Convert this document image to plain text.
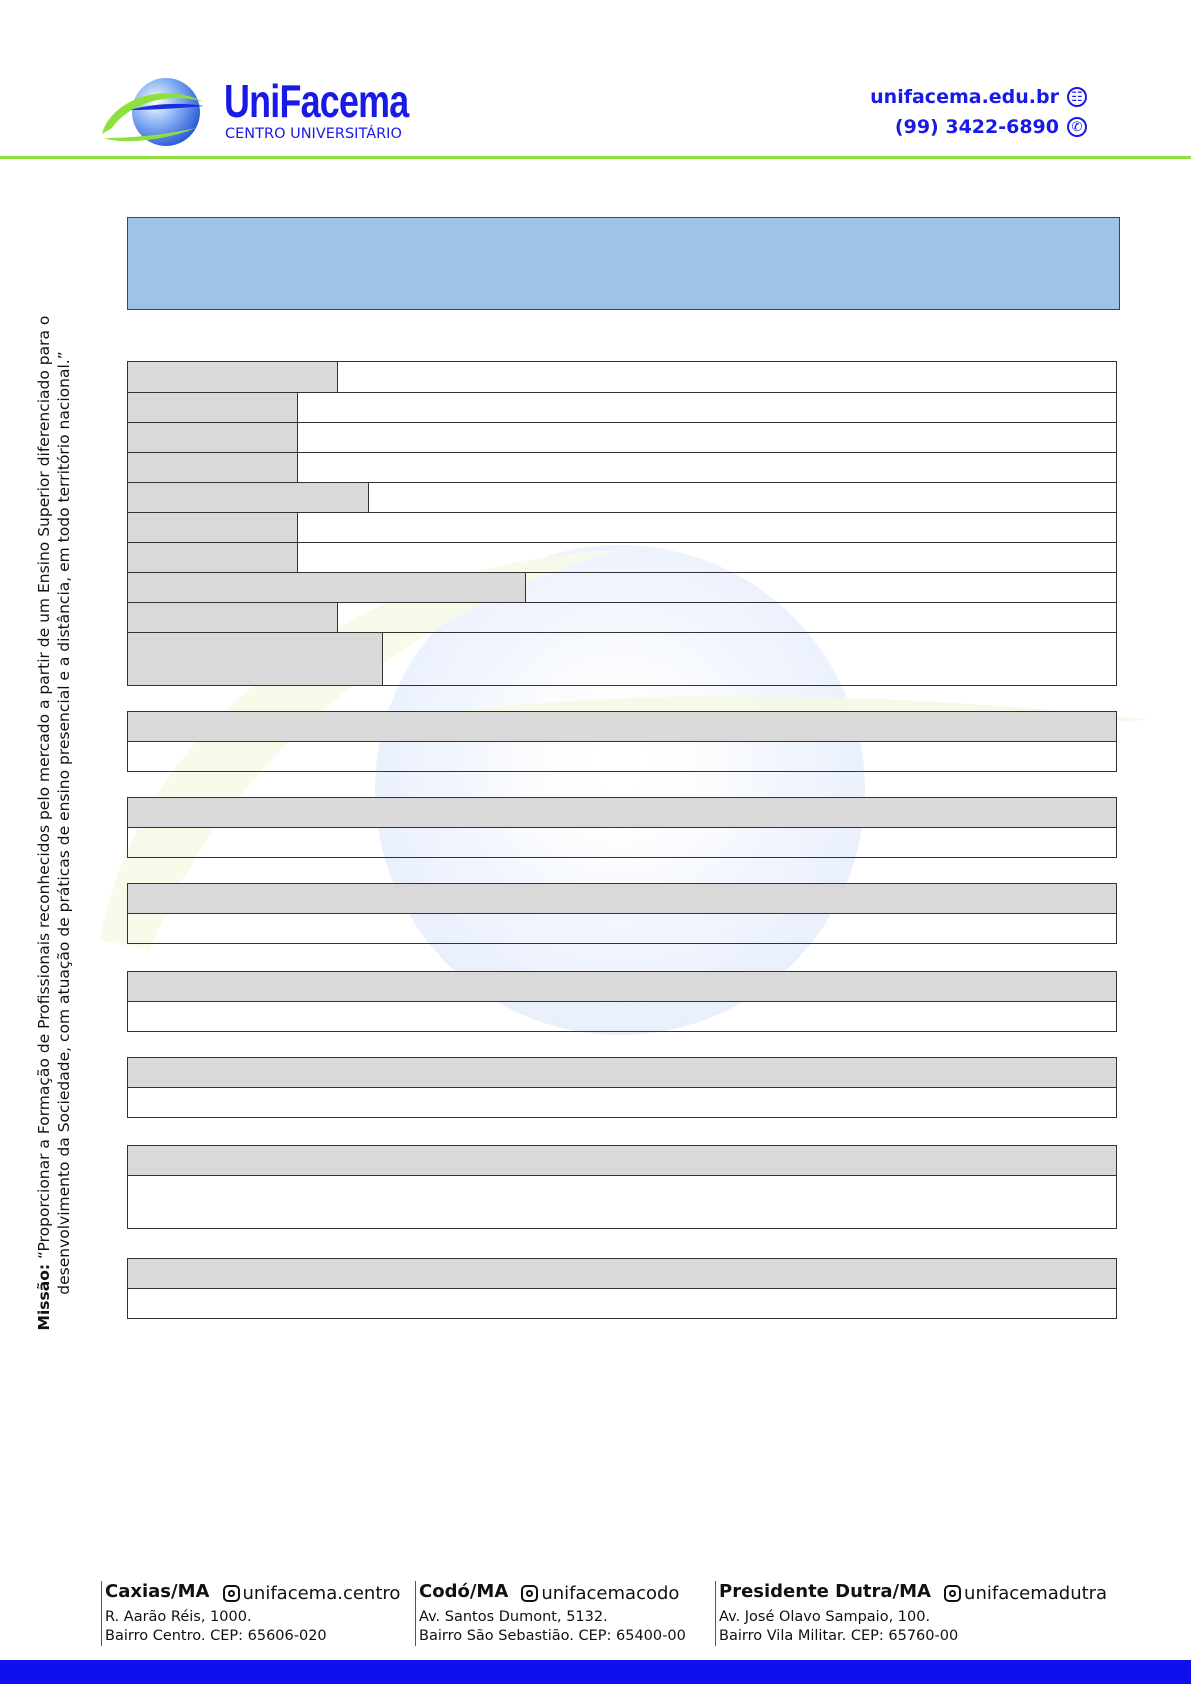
UniFacema
CENTRO UNIVERSITÁRIO
unifacema.edu.br ☷
(99) 3422-6890 ✆
Missão: “Proporcionar a Formação de Profissionais reconhecidos pelo mercado a partir de um Ensino Superior diferenciado para o desenvolvimento da Sociedade, com atuação de práticas de ensino presencial e a distância, em todo território nacional.”
Caxias/MA unifacema.centro
R. Aarão Réis, 1000.
Bairro Centro. CEP: 65606-020
Codó/MA unifacemacodo
Av. Santos Dumont, 5132.
Bairro São Sebastião. CEP: 65400-00
Presidente Dutra/MA unifacemadutra
Av. José Olavo Sampaio, 100.
Bairro Vila Militar. CEP: 65760-00
